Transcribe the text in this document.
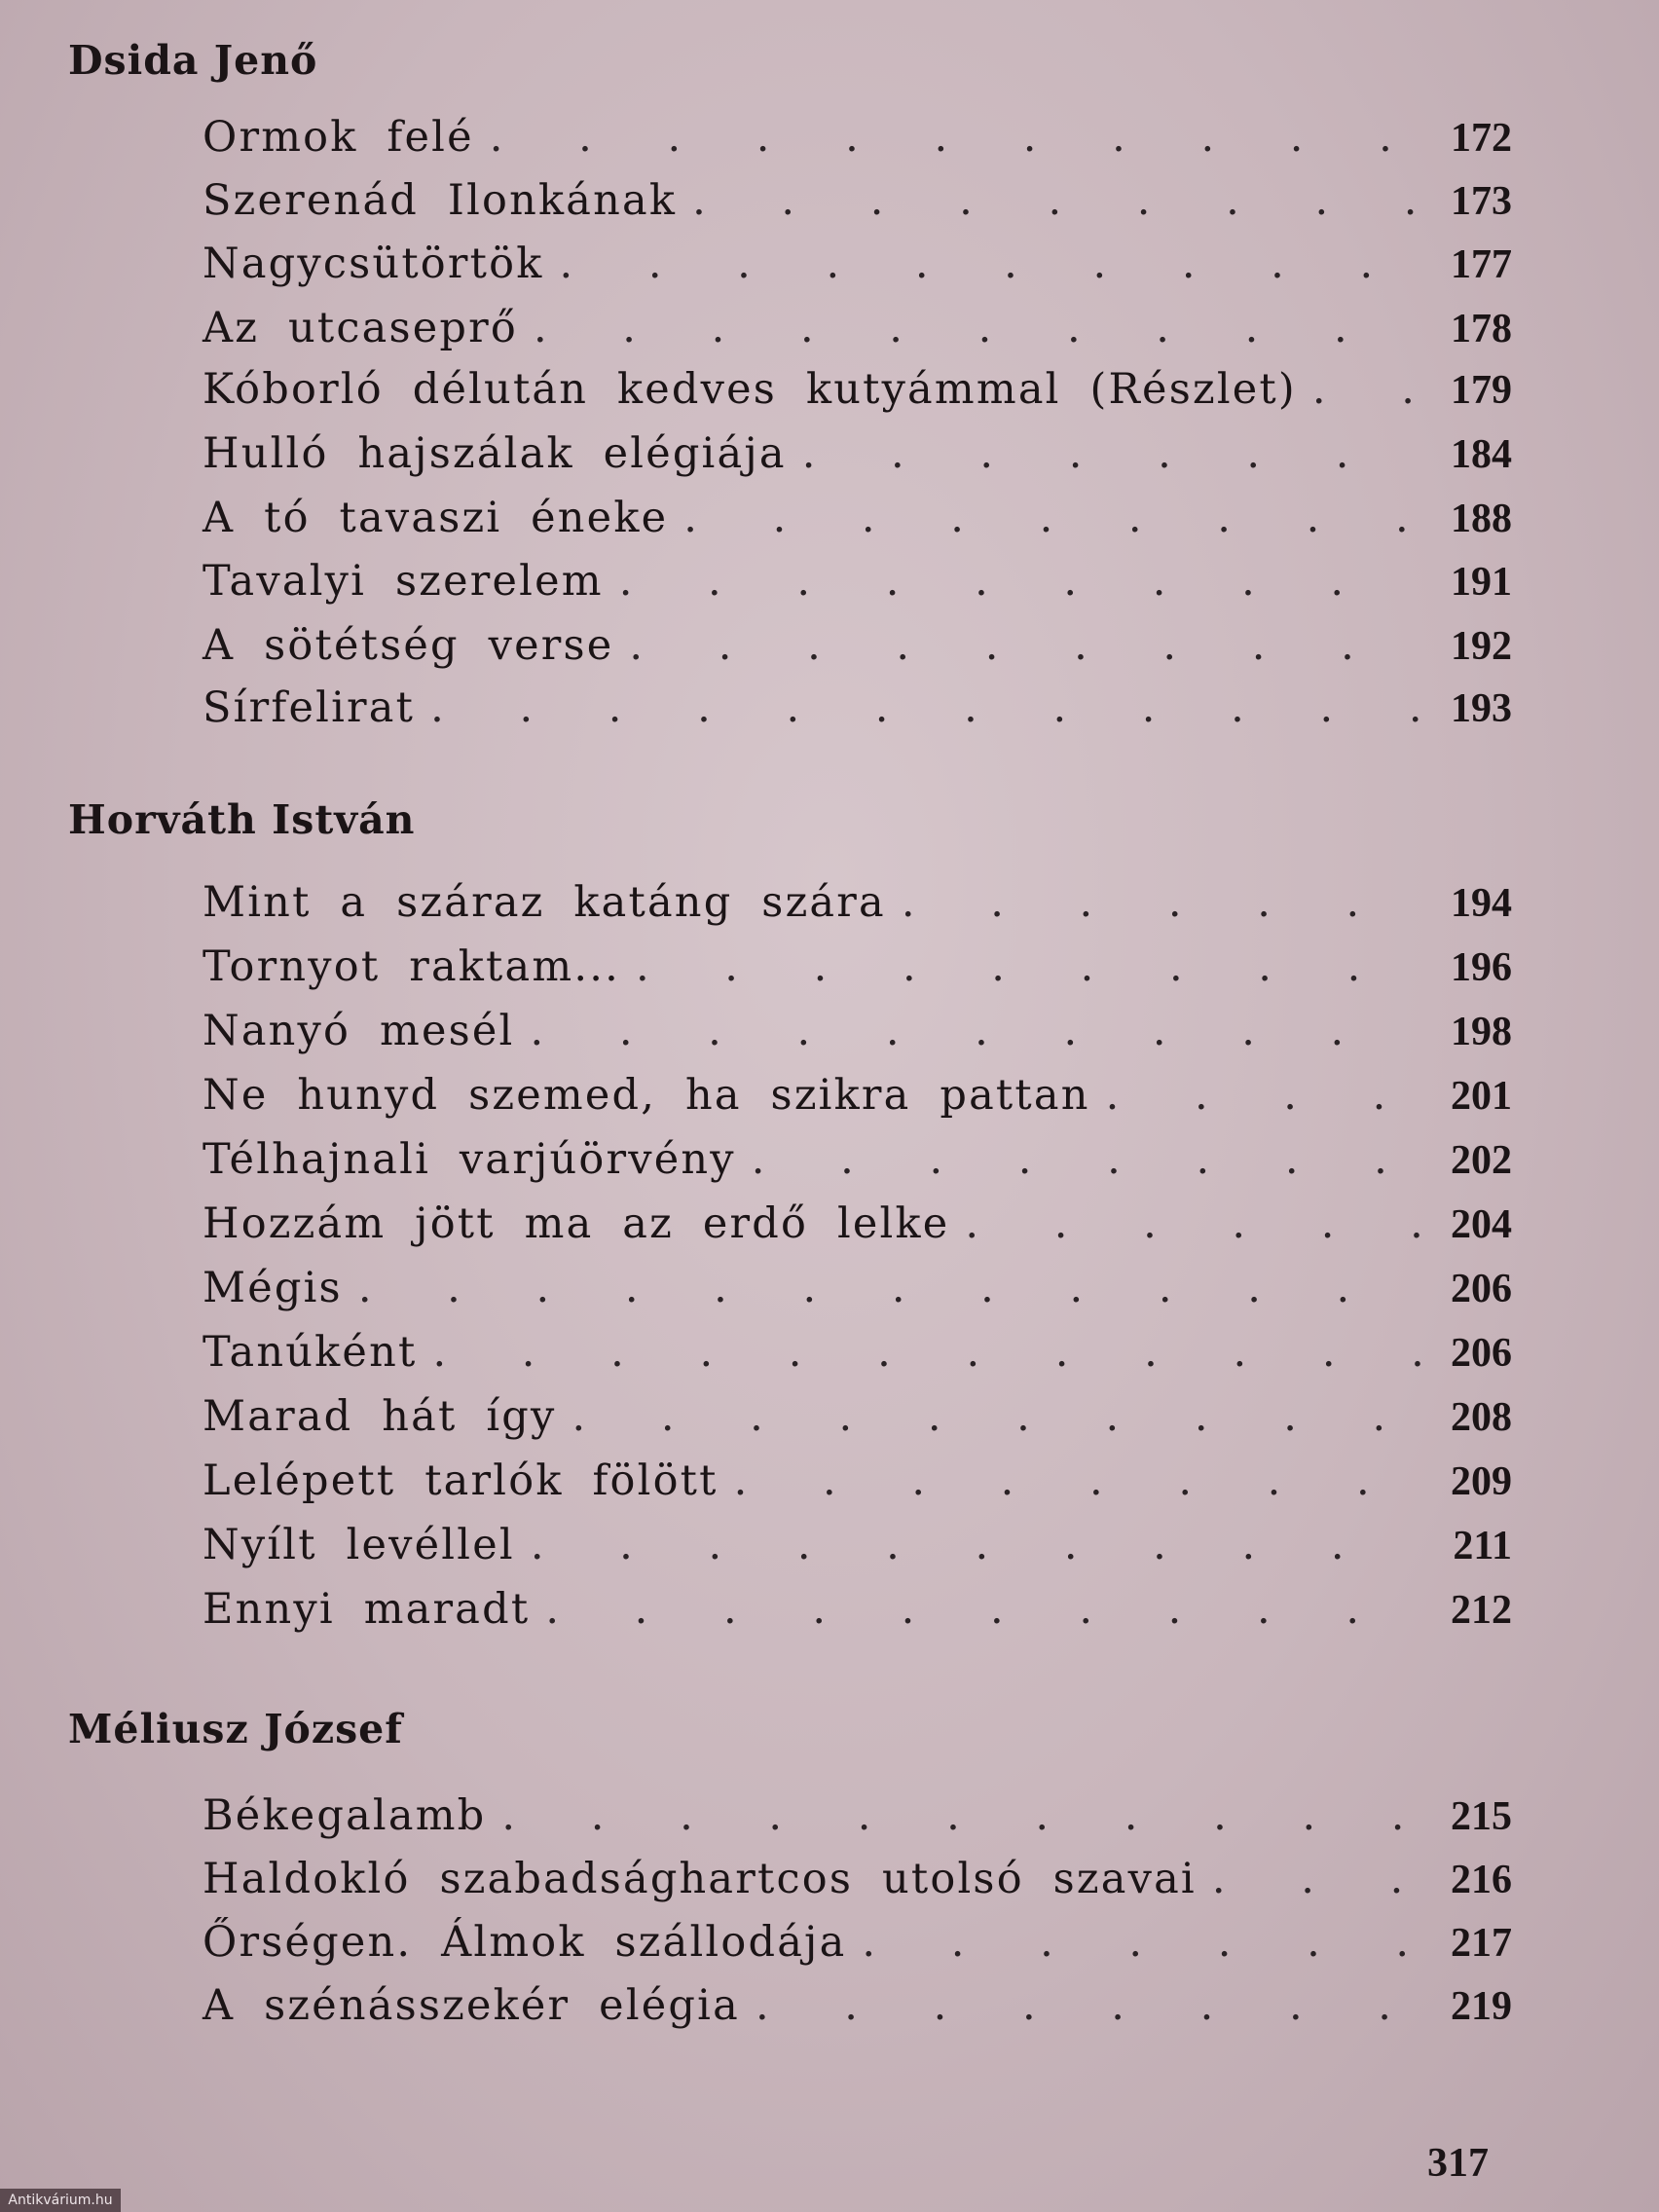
Dsida Jenő
Ormok felé . . .	172
Szerenád Ilonkának . . .	173
Nagycsütörtök . . .	177
Az utcaseprő . . .	178
Kóborló délután kedves kutyámmal (Részlet) . . .	179
Hulló hajszálak elégiája . . .	184
A tó tavaszi éneke . . .	188
Tavalyi szerelem . . .	191
A sötétség verse . . .	192
Sírfelirat . . .	193
Horváth István
Mint a száraz katáng szára . . .	194
Tornyot raktam... . . .	196
Nanyó mesél . . .	198
Ne hunyd szemed, ha szikra pattan . . .	201
Télhajnali varjúörvény . . .	202
Hozzám jött ma az erdő lelke . . .	204
Mégis . . .	206
Tanúként . . .	206
Marad hát így . . .	208
Lelépett tarlók fölött . . .	209
Nyílt levéllel . . .	211
Ennyi maradt . . .	212
Méliusz József
Békegalamb . . .	215
Haldokló szabadsághartcos utolsó szavai . . .	216
Őrségen. Álmok szállodája . . .	217
A szénásszekér elégia . . .	219
317
Antikvárium.hu
